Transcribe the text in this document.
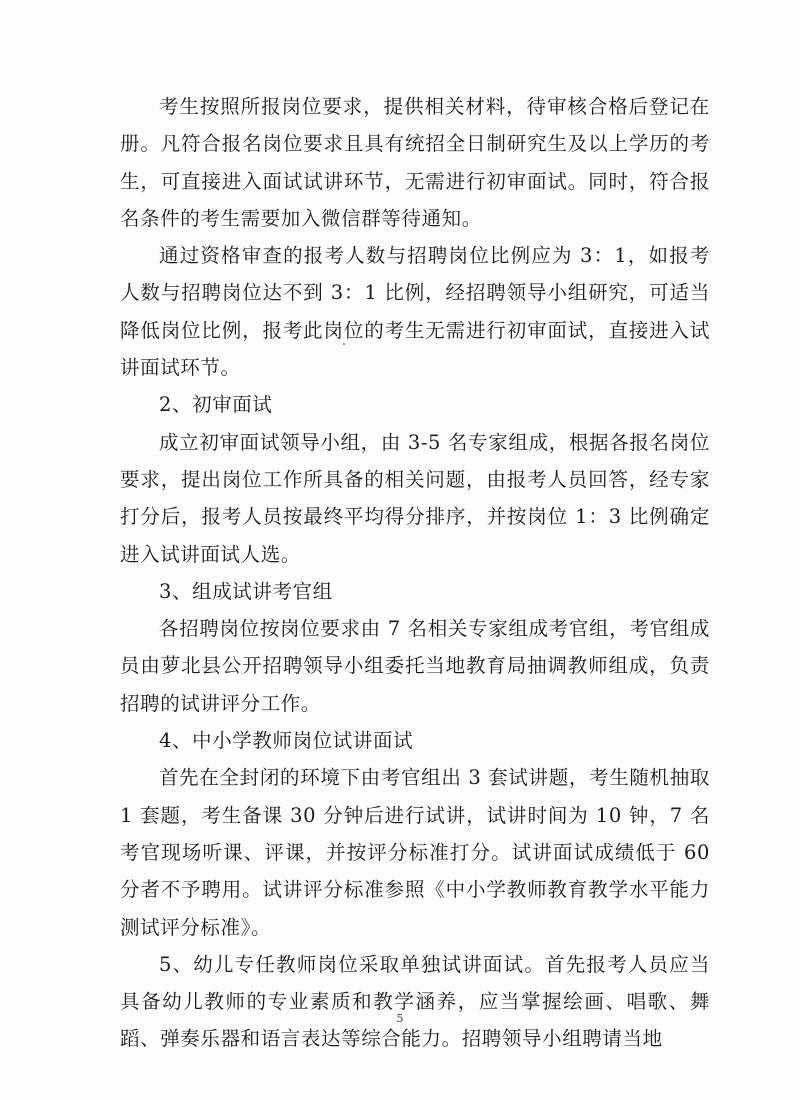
考生按照所报岗位要求，提供相关材料，待审核合格后登记在册。凡符合报名岗位要求且具有统招全日制研究生及以上学历的考生，可直接进入面试试讲环节，无需进行初审面试。同时，符合报名条件的考生需要加入微信群等待通知。

通过资格审查的报考人数与招聘岗位比例应为 3：1，如报考人数与招聘岗位达不到 3：1 比例，经招聘领导小组研究，可适当降低岗位比例，报考此岗位的考生无需进行初审面试，直接进入试讲面试环节。

2、初审面试

成立初审面试领导小组，由 3-5 名专家组成，根据各报名岗位要求，提出岗位工作所具备的相关问题，由报考人员回答，经专家打分后，报考人员按最终平均得分排序，并按岗位 1：3 比例确定进入试讲面试人选。

3、组成试讲考官组

各招聘岗位按岗位要求由 7 名相关专家组成考官组，考官组成员由萝北县公开招聘领导小组委托当地教育局抽调教师组成，负责招聘的试讲评分工作。

4、中小学教师岗位试讲面试

首先在全封闭的环境下由考官组出 3 套试讲题，考生随机抽取 1 套题，考生备课 30 分钟后进行试讲，试讲时间为 10 钟，7 名考官现场听课、评课，并按评分标准打分。试讲面试成绩低于 60 分者不予聘用。试讲评分标准参照《中小学教师教育教学水平能力测试评分标准》。

5、幼儿专任教师岗位采取单独试讲面试。首先报考人员应当具备幼儿教师的专业素质和教学涵养，应当掌握绘画、唱歌、舞蹈、弹奏乐器和语言表达等综合能力。招聘领导小组聘请当地

5
